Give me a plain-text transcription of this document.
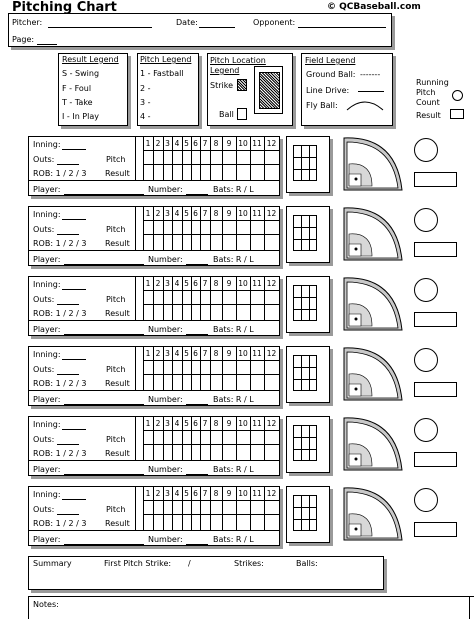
Pitching Chart	© QCBaseball.com
Pitcher:	Date:	Opponent:
Page:
Result Legend
S - Swing
F - Foul
T - Take
I - In Play
Pitch Legend
1 - Fastball
2 -
3 -
4 -
Pitch Location Legend
Strike
Ball
Field Legend
Ground Ball: -------
Line Drive:
Fly Ball:
Running Pitch Count
Result
1 2 3 4 5 6 7 8	9 10 11 12
Inning:
Outs:
ROB: 1 / 2 / 3
Pitch
Result
Player:	Number:	Bats: R / L
1 2 3 4 5 6 7 8	9 10 11 12
Inning:
Outs:
ROB: 1 / 2 / 3
Pitch
Result
Player:	Number:	Bats: R / L
1 2 3 4 5 6 7 8	9 10 11 12
Inning:
Outs:
ROB: 1 / 2 / 3
Pitch
Result
Player:	Number:	Bats: R / L
1 2 3 4 5 6 7 8	9 10 11 12
Inning:
Outs:
ROB: 1 / 2 / 3
Pitch
Result
Player:	Number:	Bats: R / L
1 2 3 4 5 6 7 8	9 10 11 12
Inning:
Outs:
ROB: 1 / 2 / 3
Pitch
Result
Player:	Number:	Bats: R / L
1 2 3 4 5 6 7 8	9 10 11 12
Inning:
Outs:
ROB: 1 / 2 / 3
Pitch
Result
Player:	Number:	Bats: R / L
Summary	First Pitch Strike: /	Strikes:	Balls:
Notes:
